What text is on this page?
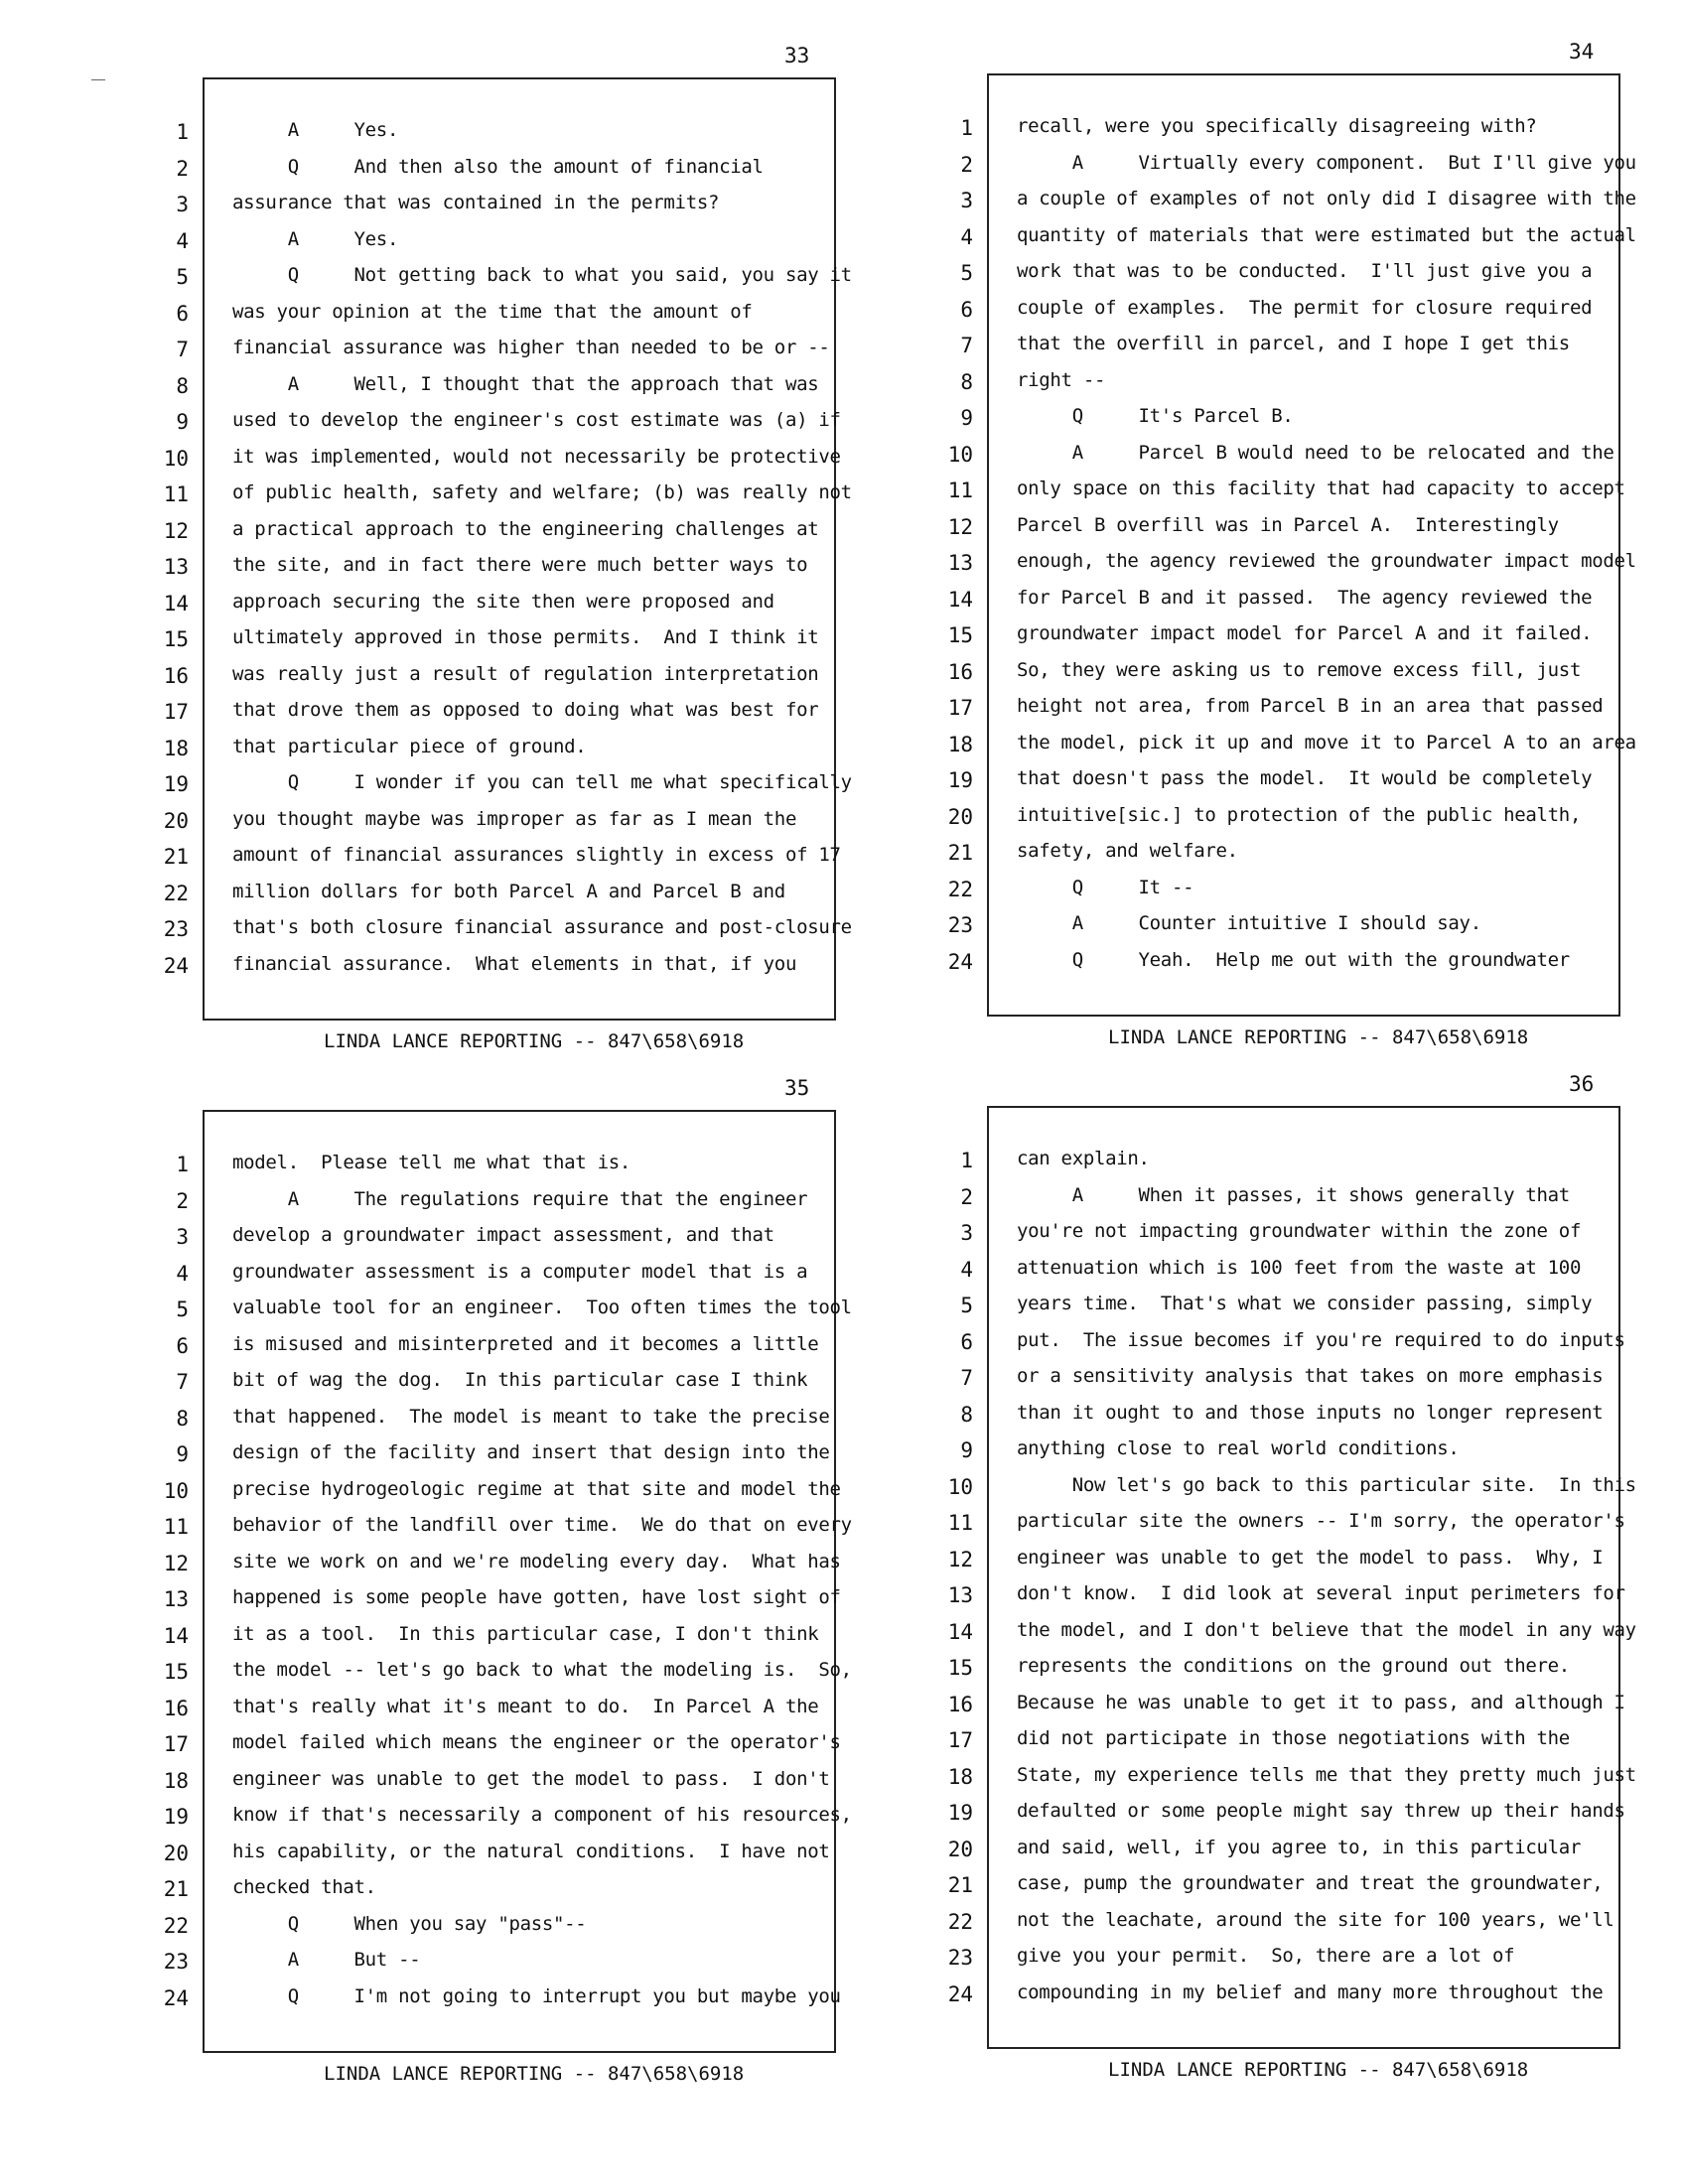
33
1
2
3
4
5
6
7
8
9
10
11
12
13
14
15
16
17
18
19
20
21
22
23
24
A     Yes.
Q     And then also the amount of financial
assurance that was contained in the permits?
A     Yes.
Q     Not getting back to what you said, you say it
was your opinion at the time that the amount of
financial assurance was higher than needed to be or --
A     Well, I thought that the approach that was
used to develop the engineer's cost estimate was (a) if
it was implemented, would not necessarily be protective
of public health, safety and welfare; (b) was really not
a practical approach to the engineering challenges at
the site, and in fact there were much better ways to
approach securing the site then were proposed and
ultimately approved in those permits.  And I think it
was really just a result of regulation interpretation
that drove them as opposed to doing what was best for
that particular piece of ground.
Q     I wonder if you can tell me what specifically
you thought maybe was improper as far as I mean the
amount of financial assurances slightly in excess of 17
million dollars for both Parcel A and Parcel B and
that's both closure financial assurance and post-closure
financial assurance.  What elements in that, if you
LINDA LANCE REPORTING -- 847\658\6918
34
1
2
3
4
5
6
7
8
9
10
11
12
13
14
15
16
17
18
19
20
21
22
23
24
recall, were you specifically disagreeing with?
A     Virtually every component.  But I'll give you
a couple of examples of not only did I disagree with the
quantity of materials that were estimated but the actual
work that was to be conducted.  I'll just give you a
couple of examples.  The permit for closure required
that the overfill in parcel, and I hope I get this
right --
Q     It's Parcel B.
A     Parcel B would need to be relocated and the
only space on this facility that had capacity to accept
Parcel B overfill was in Parcel A.  Interestingly
enough, the agency reviewed the groundwater impact model
for Parcel B and it passed.  The agency reviewed the
groundwater impact model for Parcel A and it failed.
So, they were asking us to remove excess fill, just
height not area, from Parcel B in an area that passed
the model, pick it up and move it to Parcel A to an area
that doesn't pass the model.  It would be completely
intuitive[sic.] to protection of the public health,
safety, and welfare.
Q     It --
A     Counter intuitive I should say.
Q     Yeah.  Help me out with the groundwater
LINDA LANCE REPORTING -- 847\658\6918
35
1
2
3
4
5
6
7
8
9
10
11
12
13
14
15
16
17
18
19
20
21
22
23
24
model.  Please tell me what that is.
A     The regulations require that the engineer
develop a groundwater impact assessment, and that
groundwater assessment is a computer model that is a
valuable tool for an engineer.  Too often times the tool
is misused and misinterpreted and it becomes a little
bit of wag the dog.  In this particular case I think
that happened.  The model is meant to take the precise
design of the facility and insert that design into the
precise hydrogeologic regime at that site and model the
behavior of the landfill over time.  We do that on every
site we work on and we're modeling every day.  What has
happened is some people have gotten, have lost sight of
it as a tool.  In this particular case, I don't think
the model -- let's go back to what the modeling is.  So,
that's really what it's meant to do.  In Parcel A the
model failed which means the engineer or the operator's
engineer was unable to get the model to pass.  I don't
know if that's necessarily a component of his resources,
his capability, or the natural conditions.  I have not
checked that.
Q     When you say "pass"--
A     But --
Q     I'm not going to interrupt you but maybe you
LINDA LANCE REPORTING -- 847\658\6918
36
1
2
3
4
5
6
7
8
9
10
11
12
13
14
15
16
17
18
19
20
21
22
23
24
can explain.
A     When it passes, it shows generally that
you're not impacting groundwater within the zone of
attenuation which is 100 feet from the waste at 100
years time.  That's what we consider passing, simply
put.  The issue becomes if you're required to do inputs
or a sensitivity analysis that takes on more emphasis
than it ought to and those inputs no longer represent
anything close to real world conditions.
Now let's go back to this particular site.  In this
particular site the owners -- I'm sorry, the operator's
engineer was unable to get the model to pass.  Why, I
don't know.  I did look at several input perimeters for
the model, and I don't believe that the model in any way
represents the conditions on the ground out there.
Because he was unable to get it to pass, and although I
did not participate in those negotiations with the
State, my experience tells me that they pretty much just
defaulted or some people might say threw up their hands
and said, well, if you agree to, in this particular
case, pump the groundwater and treat the groundwater,
not the leachate, around the site for 100 years, we'll
give you your permit.  So, there are a lot of
compounding in my belief and many more throughout the
LINDA LANCE REPORTING -- 847\658\6918
